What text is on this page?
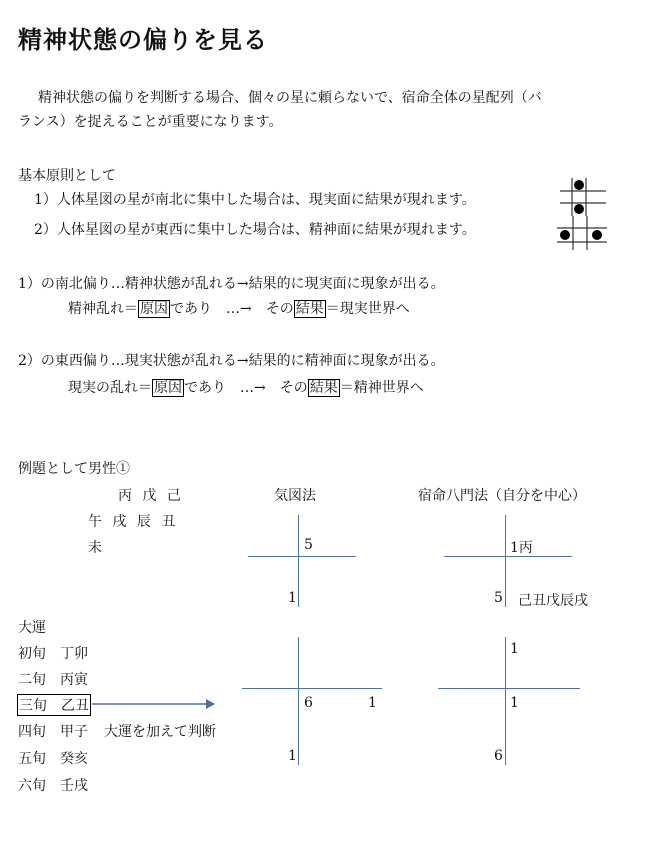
精神状態の偏りを見る
精神状態の偏りを判断する場合、個々の星に頼らないで、宿命全体の星配列（バ
ランス）を捉えることが重要になります。
基本原則として
1）人体星図の星が南北に集中した場合は、現実面に結果が現れます。
2）人体星図の星が東西に集中した場合は、精神面に結果が現れます。
1）の南北偏り…精神状態が乱れる→結果的に現実面に現象が出る。
精神乱れ＝ 原因 であり　…→　その 結果 ＝現実世界へ
2）の東西偏り…現実状態が乱れる→結果的に精神面に現象が出る。
現実の乱れ＝ 原因 であり　…→　その 結果 ＝精神世界へ
例題として男性①
丙 戊 己
午 戌 辰 丑
未
気図法	宿命八門法（自分を中心）
5
1
1丙
5 己丑戊辰戌
大運
初旬　 丁卯
二旬　 丙寅
三旬　 乙丑
四旬　 甲子 大運を加えて判断
五旬　 癸亥
六旬　 壬戌
6	1
1
1
1
6
